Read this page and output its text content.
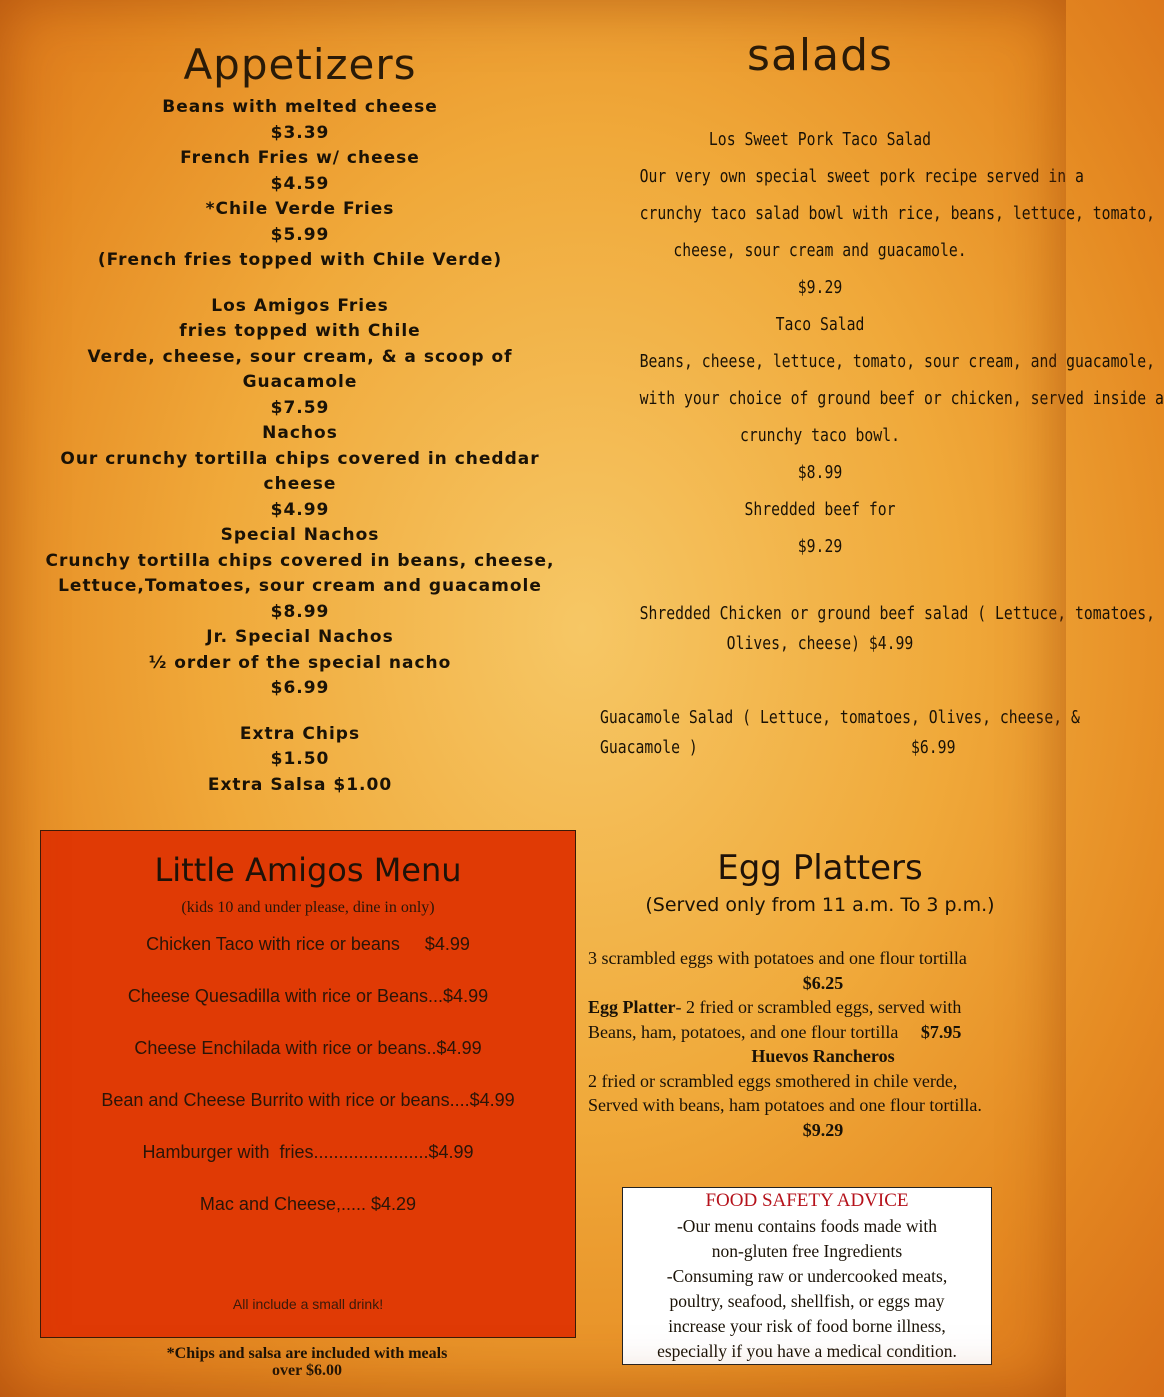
Appetizers

Beans with melted cheese

$3.39

French Fries w/ cheese

$4.59

*Chile Verde Fries

$5.99

(French fries topped with Chile Verde)

Los Amigos Fries

fries topped with Chile

Verde, cheese, sour cream, & a scoop of

Guacamole

$7.59

Nachos

Our crunchy tortilla chips covered in cheddar

cheese

$4.99

Special Nachos

Crunchy tortilla chips covered in beans, cheese,

Lettuce,Tomatoes, sour cream and guacamole

$8.99

Jr. Special Nachos

½ order of the special nacho

$6.99

Extra Chips

$1.50

Extra Salsa $1.00

salads

Los Sweet Pork Taco Salad

Our very own special sweet pork recipe served in a

crunchy taco salad bowl with rice, beans, lettuce, tomato,

cheese, sour cream and guacamole.

$9.29

Taco Salad

Beans, cheese, lettuce, tomato, sour cream, and guacamole,

with your choice of ground beef or chicken, served inside a

crunchy taco bowl.

$8.99

Shredded beef for

$9.29

Shredded Chicken or ground beef salad ( Lettuce, tomatoes,

Olives, cheese) $4.99

Guacamole Salad ( Lettuce, tomatoes, Olives, cheese, &

Guacamole )                        $6.99

Little Amigos Menu
(kids 10 and under please, dine in only)
Chicken Taco with rice or beans     $4.99
Cheese Quesadilla with rice or Beans...$4.99
Cheese Enchilada with rice or beans..$4.99
Bean and Cheese Burrito with rice or beans....$4.99
Hamburger with  fries.......................$4.99
Mac and Cheese,..... $4.29
All include a small drink!
*Chips and salsa are included with meals
over $6.00
Egg Platters
(Served only from 11 a.m. To 3 p.m.)
3 scrambled eggs with potatoes and one flour tortilla
$6.25
Egg Platter- 2 fried or scrambled eggs, served with
Beans, ham, potatoes, and one flour tortilla $7.95
Huevos Rancheros
2 fried or scrambled eggs smothered in chile verde,
Served with beans, ham potatoes and one flour tortilla.
$9.29
FOOD SAFETY ADVICE
-Our menu contains foods made with
non-gluten free Ingredients
-Consuming raw or undercooked meats,
poultry, seafood, shellfish, or eggs may
increase your risk of food borne illness,
especially if you have a medical condition.
